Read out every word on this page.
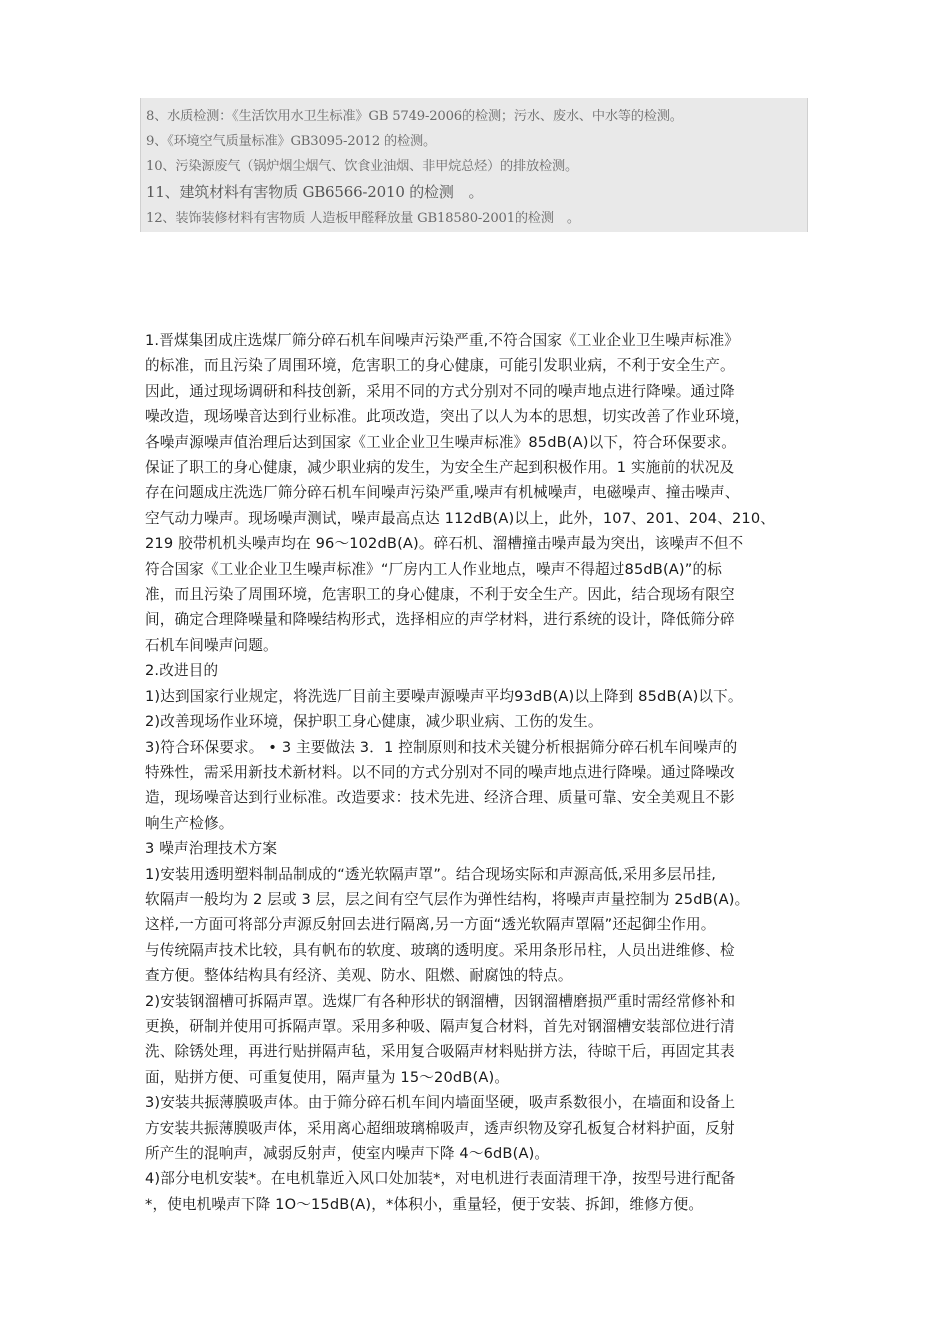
8、水质检测：《生活饮用水卫生标准》GB 5749-2006的检测；污水、废水、中水等的检测。
9、《环境空气质量标准》GB3095-2012 的检测。
10、污染源废气（锅炉烟尘烟气、饮食业油烟、非甲烷总烃）的排放检测。
11、建筑材料有害物质 GB6566-2010 的检测　。
12、装饰装修材料有害物质 人造板甲醛释放量 GB18580-2001的检测　。

1.晋煤集团成庄选煤厂筛分碎石机车间噪声污染严重,不符合国家《工业企业卫生噪声标准》

的标准，而且污染了周围环境，危害职工的身心健康，可能引发职业病，不利于安全生产。

因此，通过现场调研和科技创新，采用不同的方式分别对不同的噪声地点进行降噪。通过降

噪改造，现场噪音达到行业标准。此项改造，突出了以人为本的思想，切实改善了作业环境，

各噪声源噪声值治理后达到国家《工业企业卫生噪声标准》85dB(A)以下，符合环保要求。

保证了职工的身心健康，减少职业病的发生，为安全生产起到积极作用。1 实施前的状况及

存在问题成庄洗选厂筛分碎石机车间噪声污染严重,噪声有机械噪声，电磁噪声、撞击噪声、

空气动力噪声。现场噪声测试，噪声最高点达 112dB(A)以上，此外，107、201、204、210、

219 胶带机机头噪声均在 96～102dB(A)。碎石机、溜槽撞击噪声最为突出，该噪声不但不

符合国家《工业企业卫生噪声标准》“厂房内工人作业地点，噪声不得超过85dB(A)”的标

准，而且污染了周围环境，危害职工的身心健康，不利于安全生产。因此，结合现场有限空

间，确定合理降噪量和降噪结构形式，选择相应的声学材料，进行系统的设计，降低筛分碎

石机车间噪声问题。

2.改进目的

1)达到国家行业规定，将洗选厂目前主要噪声源噪声平均93dB(A)以上降到 85dB(A)以下。

2)改善现场作业环境，保护职工身心健康，减少职业病、工伤的发生。

3)符合环保要求。 • 3 主要做法 3．1 控制原则和技术关键分析根据筛分碎石机车间噪声的

特殊性，需采用新技术新材料。以不同的方式分别对不同的噪声地点进行降噪。通过降噪改

造，现场噪音达到行业标准。改造要求：技术先进、经济合理、质量可靠、安全美观且不影

响生产检修。

3 噪声治理技术方案

1)安装用透明塑料制品制成的“透光软隔声罩”。结合现场实际和声源高低,采用多层吊挂,

软隔声一般均为 2 层或 3 层，层之间有空气层作为弹性结构，将噪声声量控制为 25dB(A)。

这样,一方面可将部分声源反射回去进行隔离,另一方面“透光软隔声罩隔”还起御尘作用。

与传统隔声技术比较，具有帆布的软度、玻璃的透明度。采用条形吊柱，人员出进维修、检

查方便。整体结构具有经济、美观、防水、阻燃、耐腐蚀的特点。

2)安装钢溜槽可拆隔声罩。选煤厂有各种形状的钢溜槽，因钢溜槽磨损严重时需经常修补和

更换，研制并使用可拆隔声罩。采用多种吸、隔声复合材料，首先对钢溜槽安装部位进行清

洗、除锈处理，再进行贴拼隔声毡，采用复合吸隔声材料贴拼方法，待晾干后，再固定其表

面，贴拼方便、可重复使用，隔声量为 15～20dB(A)。

3)安装共振薄膜吸声体。由于筛分碎石机车间内墙面坚硬，吸声系数很小，在墙面和设备上

方安装共振薄膜吸声体，采用离心超细玻璃棉吸声，透声织物及穿孔板复合材料护面，反射

所产生的混响声，减弱反射声，使室内噪声下降 4～6dB(A)。

4)部分电机安装*。在电机靠近入风口处加装*，对电机进行表面清理干净，按型号进行配备

*，使电机噪声下降 1O～15dB(A)，*体积小，重量轻，便于安装、拆卸，维修方便。
